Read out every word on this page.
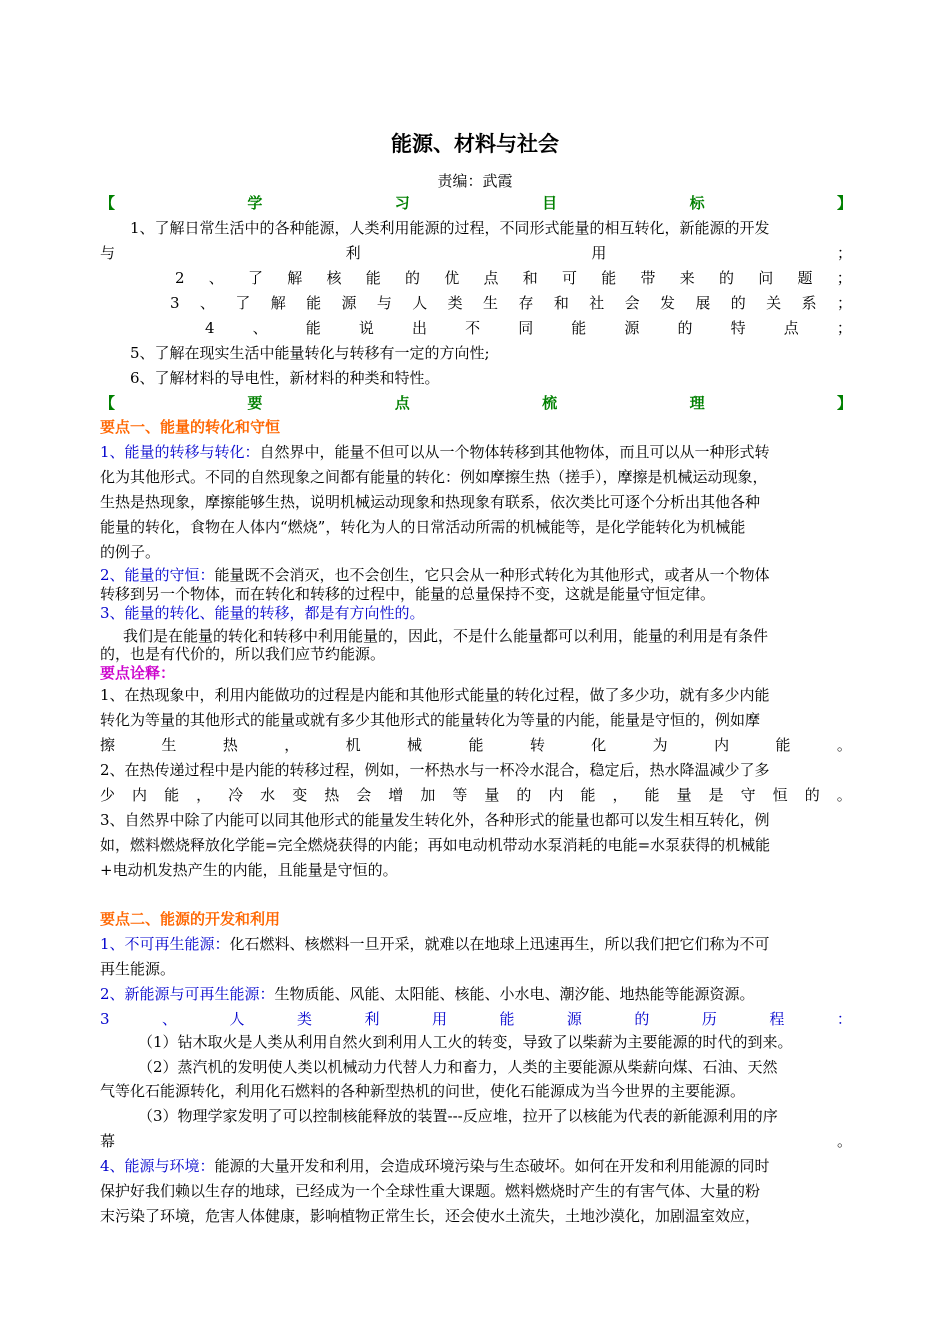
能源、材料与社会
责编：武霞
【	学	习	目	标	】
1、了解日常生活中的各种能源，人类利用能源的过程，不同形式能量的相互转化，新能源的开发
与	利	用	；
2 、 了 解 核 能 的 优 点 和 可 能 带 来 的 问 题 ；
3 、 了 解 能 源 与 人 类 生 存 和 社 会 发 展 的 关 系 ；
4	、	能	说	出	不	同	能	源	的	特	点	；
5、了解在现实生活中能量转化与转移有一定的方向性;
6、了解材料的导电性，新材料的种类和特性。
【	要	点	梳	理	】
要点一、能量的转化和守恒
1、能量的转移与转化：自然界中，能量不但可以从一个物体转移到其他物体，而且可以从一种形式转
化为其他形式。不同的自然现象之间都有能量的转化：例如摩擦生热（搓手），摩擦是机械运动现象，
生热是热现象，摩擦能够生热，说明机械运动现象和热现象有联系，依次类比可逐个分析出其他各种
能量的转化，食物在人体内“燃烧”，转化为人的日常活动所需的机械能等，是化学能转化为机械能
的例子。
2、能量的守恒：能量既不会消灭，也不会创生，它只会从一种形式转化为其他形式，或者从一个物体
转移到另一个物体，而在转化和转移的过程中，能量的总量保持不变，这就是能量守恒定律。
3、能量的转化、能量的转移，都是有方向性的。
我们是在能量的转化和转移中利用能量的，因此，不是什么能量都可以利用，能量的利用是有条件
的，也是有代价的，所以我们应节约能源。
要点诠释：
1、在热现象中，利用内能做功的过程是内能和其他形式能量的转化过程，做了多少功，就有多少内能
转化为等量的其他形式的能量或就有多少其他形式的能量转化为等量的内能，能量是守恒的，例如摩
擦	生	热	，	机	械	能	转	化	为	内	能	。
2、在热传递过程中是内能的转移过程，例如，一杯热水与一杯冷水混合，稳定后，热水降温减少了多
少 内 能 ， 冷 水 变 热 会 增 加 等 量 的 内 能 ， 能 量 是 守 恒 的 。
3、自然界中除了内能可以同其他形式的能量发生转化外，各种形式的能量也都可以发生相互转化，例
如，燃料燃烧释放化学能=完全燃烧获得的内能；再如电动机带动水泵消耗的电能=水泵获得的机械能
+电动机发热产生的内能，且能量是守恒的。
要点二、能源的开发和利用
1、不可再生能源：化石燃料、核燃料一旦开采，就难以在地球上迅速再生，所以我们把它们称为不可
再生能源。
2、新能源与可再生能源：生物质能、风能、太阳能、核能、小水电、潮汐能、地热能等能源资源。
3	、	人	类	利	用	能	源	的	历	程	：
（1）钻木取火是人类从利用自然火到利用人工火的转变，导致了以柴薪为主要能源的时代的到来。
（2）蒸汽机的发明使人类以机械动力代替人力和畜力，人类的主要能源从柴薪向煤、石油、天然
气等化石能源转化，利用化石燃料的各种新型热机的问世，使化石能源成为当今世界的主要能源。
（3）物理学家发明了可以控制核能释放的装置---反应堆，拉开了以核能为代表的新能源利用的序
幕	。
4、能源与环境：能源的大量开发和利用，会造成环境污染与生态破坏。如何在开发和利用能源的同时
保护好我们赖以生存的地球，已经成为一个全球性重大课题。燃料燃烧时产生的有害气体、大量的粉
末污染了环境，危害人体健康，影响植物正常生长，还会使水土流失，土地沙漠化，加剧温室效应，
